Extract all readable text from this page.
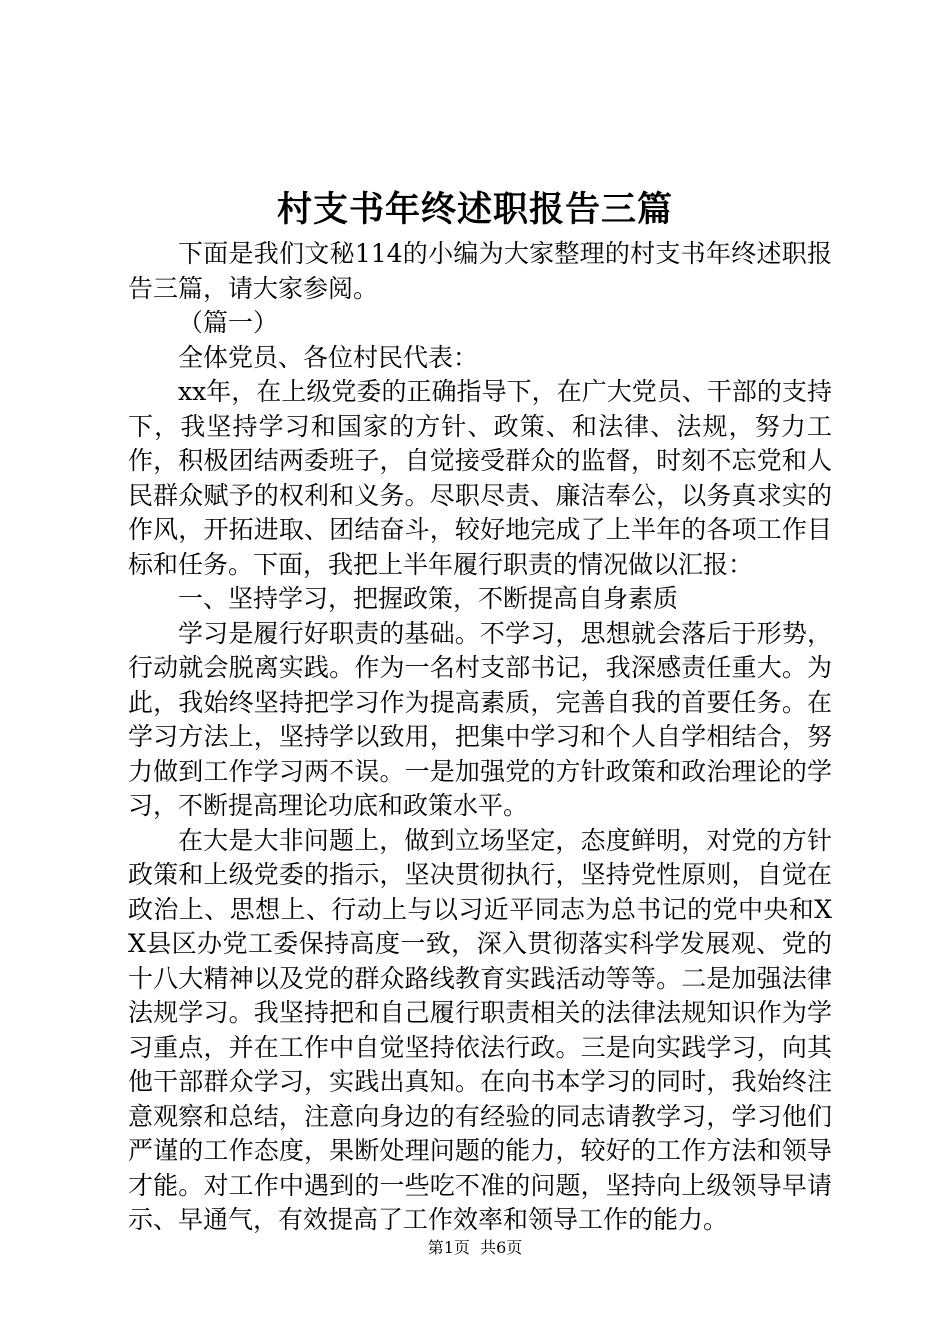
村支书年终述职报告三篇

下面是我们文秘114的小编为大家整理的村支书年终述职报告三篇，请大家参阅。

（篇一）

全体党员、各位村民代表：

xx年，在上级党委的正确指导下，在广大党员、干部的支持下，我坚持学习和国家的方针、政策、和法律、法规，努力工作，积极团结两委班子，自觉接受群众的监督，时刻不忘党和人民群众赋予的权利和义务。尽职尽责、廉洁奉公，以务真求实的作风，开拓进取、团结奋斗，较好地完成了上半年的各项工作目标和任务。下面，我把上半年履行职责的情况做以汇报：

一、坚持学习，把握政策，不断提高自身素质

学习是履行好职责的基础。不学习，思想就会落后于形势，行动就会脱离实践。作为一名村支部书记，我深感责任重大。为此，我始终坚持把学习作为提高素质，完善自我的首要任务。在学习方法上，坚持学以致用，把集中学习和个人自学相结合，努力做到工作学习两不误。一是加强党的方针政策和政治理论的学习，不断提高理论功底和政策水平。

在大是大非问题上，做到立场坚定，态度鲜明，对党的方针政策和上级党委的指示，坚决贯彻执行，坚持党性原则，自觉在政治上、思想上、行动上与以习近平同志为总书记的党中央和XX县区办党工委保持高度一致，深入贯彻落实科学发展观、党的十八大精神以及党的群众路线教育实践活动等等。二是加强法律法规学习。我坚持把和自己履行职责相关的法律法规知识作为学习重点，并在工作中自觉坚持依法行政。三是向实践学习，向其他干部群众学习，实践出真知。在向书本学习的同时，我始终注意观察和总结，注意向身边的有经验的同志请教学习，学习他们严谨的工作态度，果断处理问题的能力，较好的工作方法和领导才能。对工作中遇到的一些吃不准的问题，坚持向上级领导早请示、早通气，有效提高了工作效率和领导工作的能力。

第1页  共6页
